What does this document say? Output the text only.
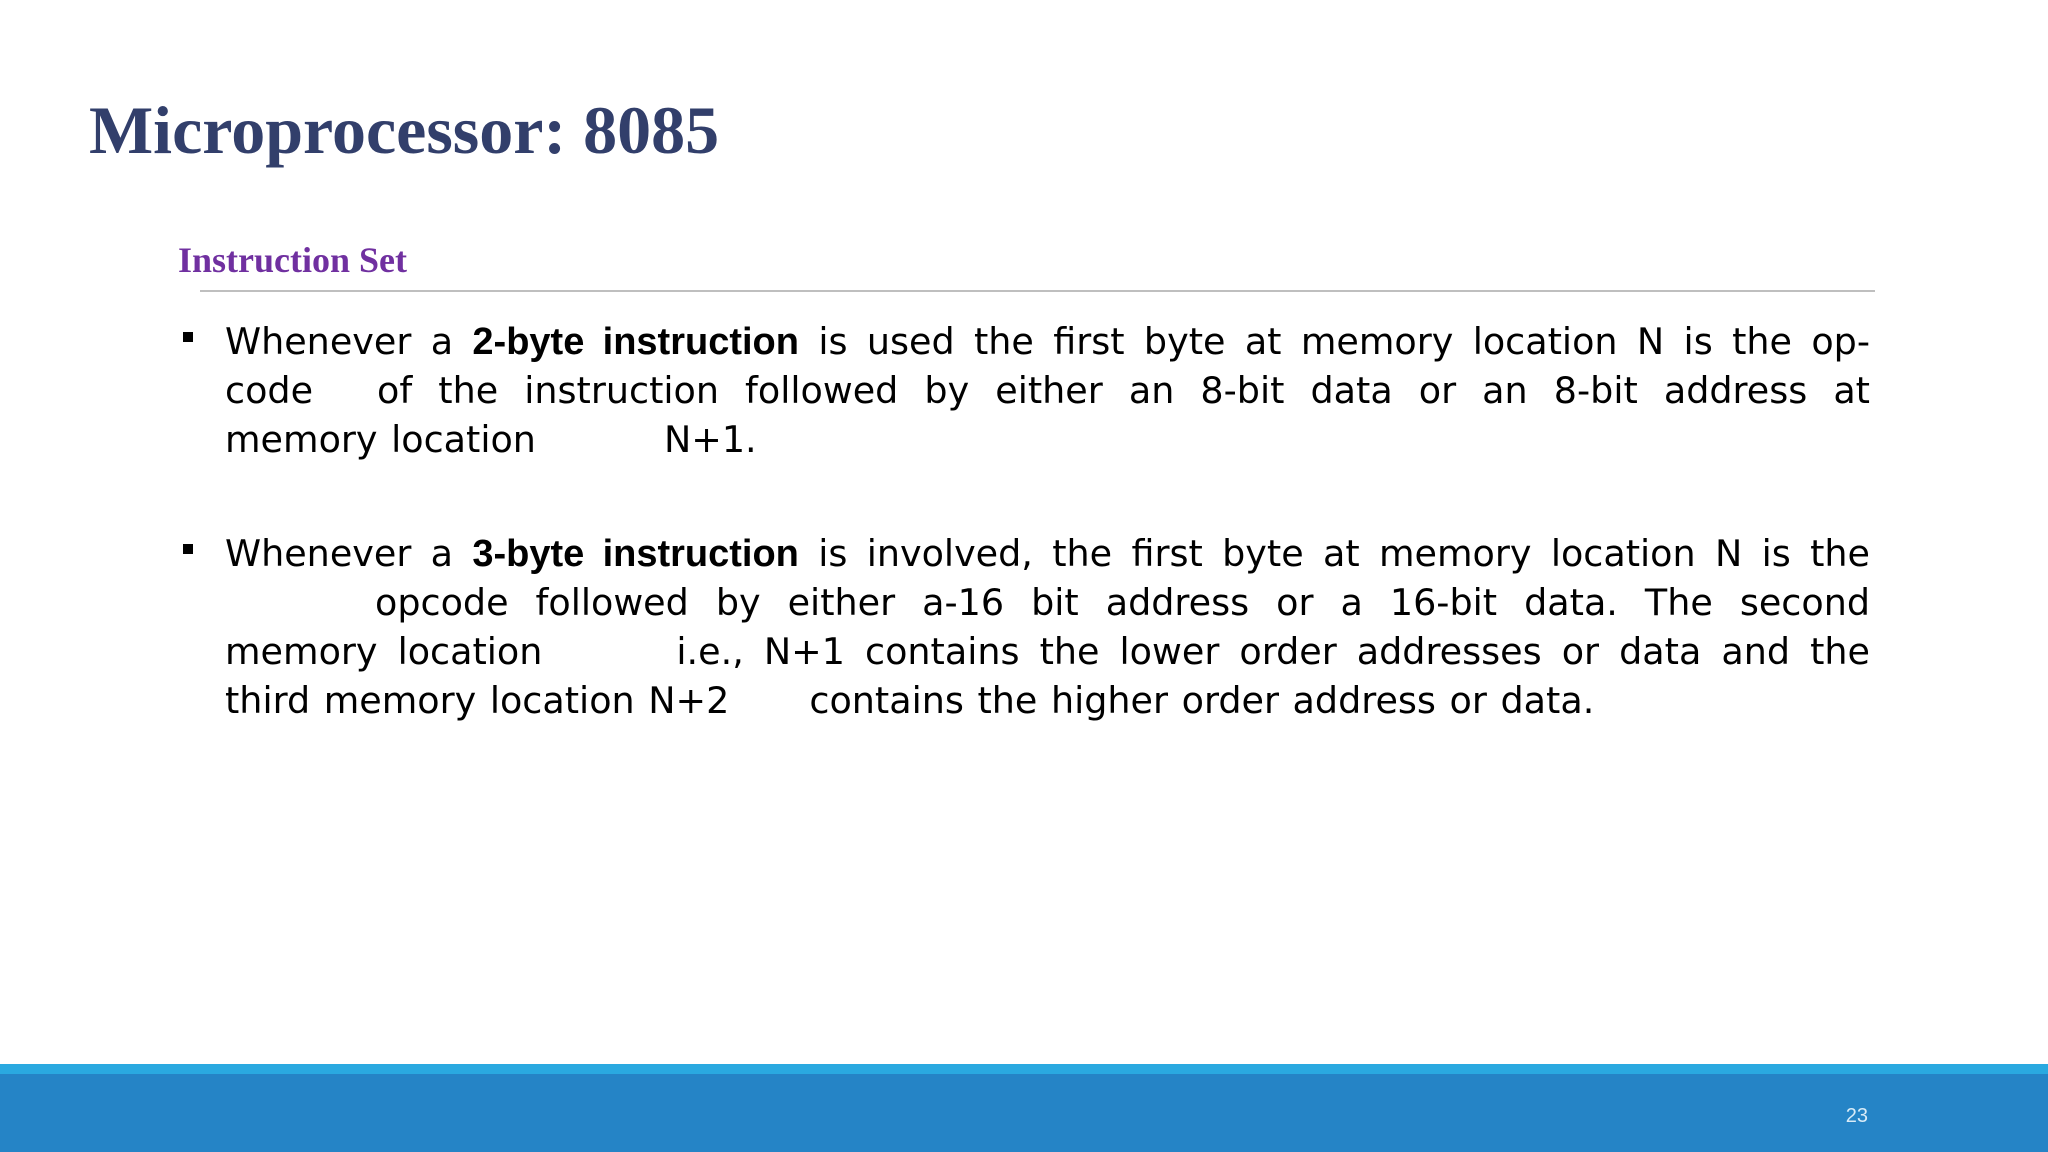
Microprocessor: 8085
Instruction Set

Whenever a 2-byte instruction is used the first byte at memory location N is the op-code of the instruction followed by either an 8-bit data or an 8-bit address at memory location	N+1.

Whenever a 3-byte instruction is involved, the first byte at memory location N is theopcode followed by either a-16 bit address or a 16-bit data. The second memory location	i.e., N+1 contains the lower order addresses or data and the third memory location N+2 contains the higher order address or data.

23
